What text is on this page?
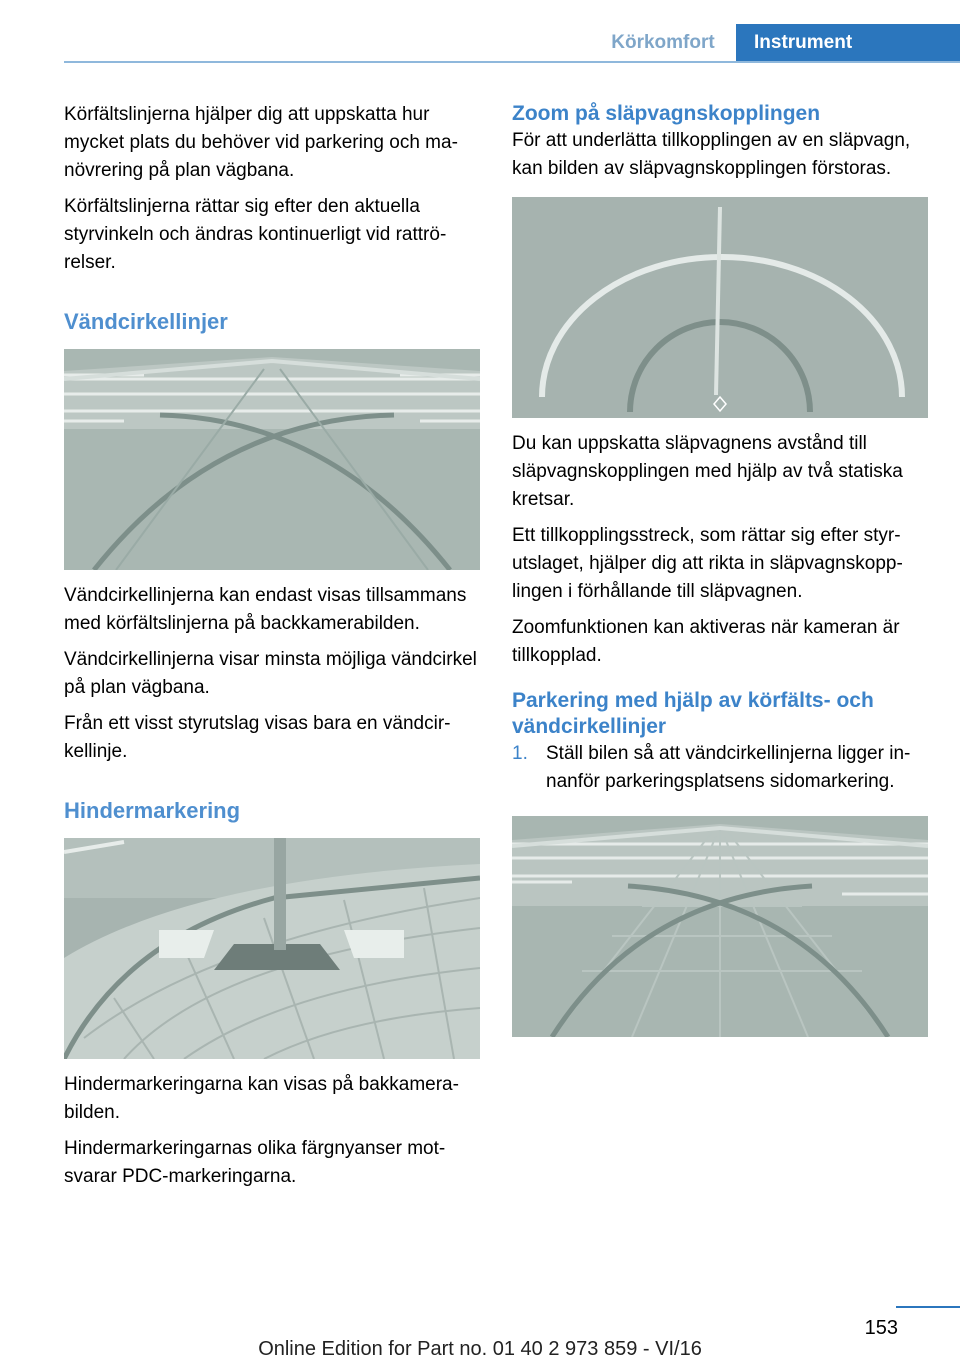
Körkomfort	Instrument

Körfältslinjerna hjälper dig att uppskatta hur mycket plats du behöver vid parkering och manövrering på plan vägbana.

Körfältslinjerna rättar sig efter den aktuella styrvinkeln och ändras kontinuerligt vid rattrörelser.

Vändcirkellinjer

Vändcirkellinjerna kan endast visas tillsammans med körfältslinjerna på backkamerabilden.

Vändcirkellinjerna visar minsta möjliga vändcirkel på plan vägbana.

Från ett visst styrutslag visas bara en vändcirkellinje.

Hindermarkering

Hindermarkeringarna kan visas på bakkamerabilden.

Hindermarkeringarnas olika färgnyanser motsvarar PDC-markeringarna.

Zoom på släpvagnskopplingen

För att underlätta tillkopplingen av en släpvagn, kan bilden av släpvagnskopplingen förstoras.

Du kan uppskatta släpvagnens avstånd till släpvagnskopplingen med hjälp av två statiska kretsar.

Ett tillkopplingsstreck, som rättar sig efter styrutslaget, hjälper dig att rikta in släpvagnskopplingen i förhållande till släpvagnen.

Zoomfunktionen kan aktiveras när kameran är tillkopplad.

Parkering med hjälp av körfälts- och vändcirkellinjer
1. Ställ bilen så att vändcirkellinjerna ligger innanför parkeringsplatsens sidomarkering.
153
Online Edition for Part no. 01 40 2 973 859 - VI/16
